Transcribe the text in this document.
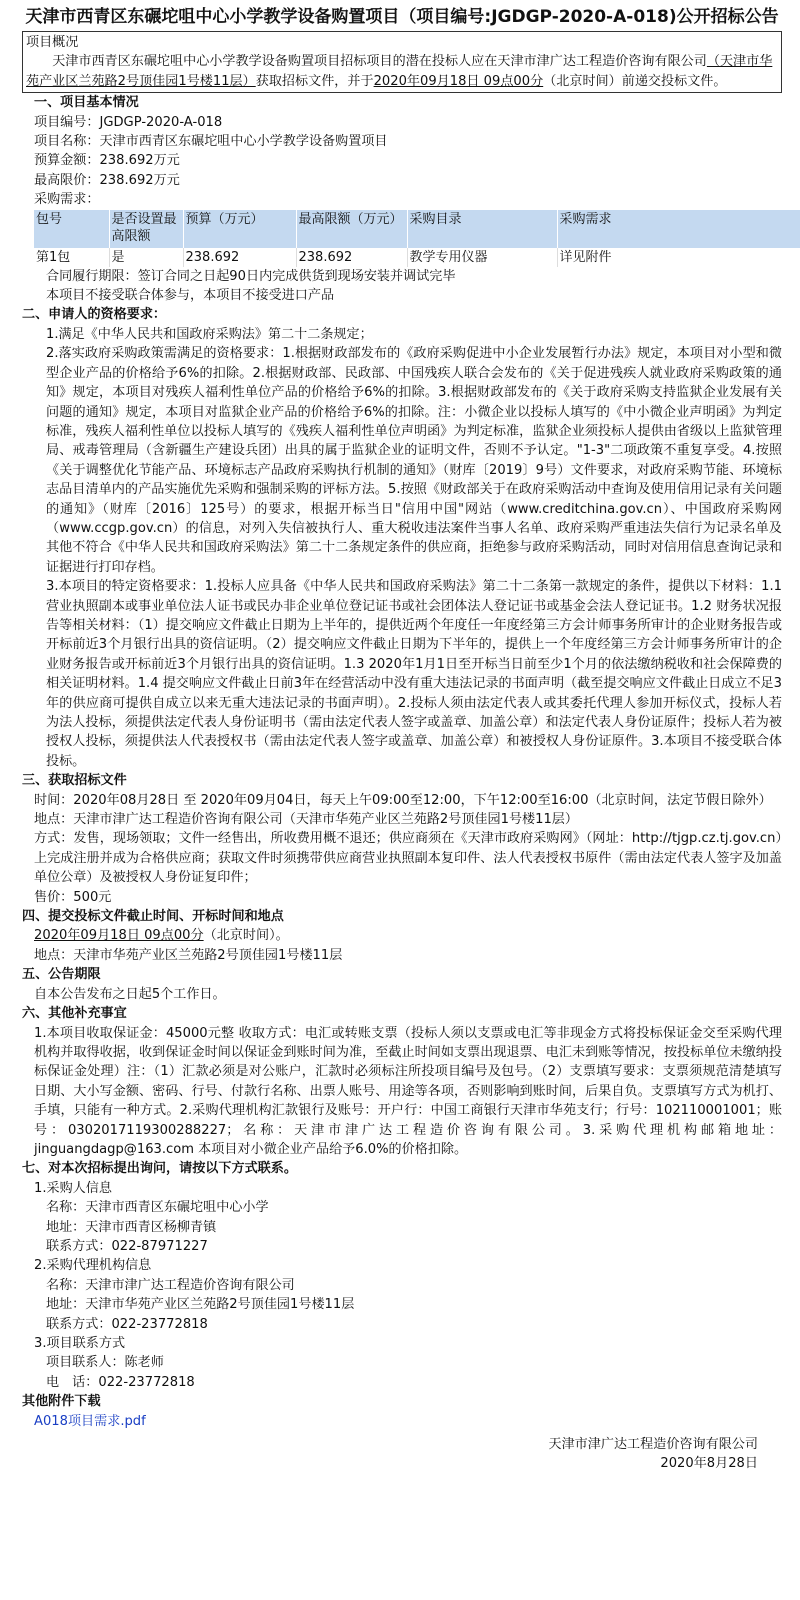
天津市西青区东碾坨咀中心小学教学设备购置项目（项目编号:JGDGP-2020-A-018)公开招标公告
项目概况
天津市西青区东碾坨咀中心小学教学设备购置项目招标项目的潜在投标人应在天津市津广达工程造价咨询有限公司（天津市华苑产业区兰苑路2号顶佳园1号楼11层）获取招标文件，并于2020年09月18日 09点00分（北京时间）前递交投标文件。
一、项目基本情况
项目编号：JGDGP-2020-A-018
项目名称：天津市西青区东碾坨咀中心小学教学设备购置项目
预算金额：238.692万元
最高限价：238.692万元
采购需求：
包号	是否设置最高限额	预算（万元）	最高限额（万元）	采购目录	采购需求
第1包	是	238.692	238.692	教学专用仪器	详见附件
合同履行期限：签订合同之日起90日内完成供货到现场安装并调试完毕
本项目不接受联合体参与，本项目不接受进口产品
二、申请人的资格要求：
1.满足《中华人民共和国政府采购法》第二十二条规定；
2.落实政府采购政策需满足的资格要求：1.根据财政部发布的《政府采购促进中小企业发展暂行办法》规定，本项目对小型和微型企业产品的价格给予6%的扣除。2.根据财政部、民政部、中国残疾人联合会发布的《关于促进残疾人就业政府采购政策的通知》规定，本项目对残疾人福利性单位产品的价格给予6%的扣除。3.根据财政部发布的《关于政府采购支持监狱企业发展有关问题的通知》规定，本项目对监狱企业产品的价格给予6%的扣除。注：小微企业以投标人填写的《中小微企业声明函》为判定标准，残疾人福利性单位以投标人填写的《残疾人福利性单位声明函》为判定标准，监狱企业须投标人提供由省级以上监狱管理局、戒毒管理局（含新疆生产建设兵团）出具的属于监狱企业的证明文件，否则不予认定。"1-3"二项政策不重复享受。4.按照《关于调整优化节能产品、环境标志产品政府采购执行机制的通知》（财库〔2019〕9号）文件要求，对政府采购节能、环境标志品目清单内的产品实施优先采购和强制采购的评标方法。5.按照《财政部关于在政府采购活动中查询及使用信用记录有关问题的通知》（财库〔2016〕125号）的要求，根据开标当日"信用中国"网站（www.creditchina.gov.cn）、中国政府采购网（www.ccgp.gov.cn）的信息，对列入失信被执行人、重大税收违法案件当事人名单、政府采购严重违法失信行为记录名单及其他不符合《中华人民共和国政府采购法》第二十二条规定条件的供应商，拒绝参与政府采购活动，同时对信用信息查询记录和证据进行打印存档。
3.本项目的特定资格要求：1.投标人应具备《中华人民共和国政府采购法》第二十二条第一款规定的条件，提供以下材料：1.1营业执照副本或事业单位法人证书或民办非企业单位登记证书或社会团体法人登记证书或基金会法人登记证书。1.2 财务状况报告等相关材料：（1）提交响应文件截止日期为上半年的，提供近两个年度任一年度经第三方会计师事务所审计的企业财务报告或开标前近3个月银行出具的资信证明。（2）提交响应文件截止日期为下半年的，提供上一个年度经第三方会计师事务所审计的企业财务报告或开标前近3个月银行出具的资信证明。1.3 2020年1月1日至开标当日前至少1个月的依法缴纳税收和社会保障费的相关证明材料。1.4 提交响应文件截止日前3年在经营活动中没有重大违法记录的书面声明（截至提交响应文件截止日成立不足3年的供应商可提供自成立以来无重大违法记录的书面声明）。2.投标人须由法定代表人或其委托代理人参加开标仪式，投标人若为法人投标，须提供法定代表人身份证明书（需由法定代表人签字或盖章、加盖公章）和法定代表人身份证原件；投标人若为被授权人投标，须提供法人代表授权书（需由法定代表人签字或盖章、加盖公章）和被授权人身份证原件。3.本项目不接受联合体投标。
三、获取招标文件
时间：2020年08月28日 至 2020年09月04日，每天上午09:00至12:00，下午12:00至16:00（北京时间，法定节假日除外）
地点：天津市津广达工程造价咨询有限公司（天津市华苑产业区兰苑路2号顶佳园1号楼11层）
方式：发售，现场领取；文件一经售出，所收费用概不退还；供应商须在《天津市政府采购网》（网址：http://tjgp.cz.tj.gov.cn）上完成注册并成为合格供应商；获取文件时须携带供应商营业执照副本复印件、法人代表授权书原件（需由法定代表人签字及加盖单位公章）及被授权人身份证复印件；
售价：500元
四、提交投标文件截止时间、开标时间和地点
2020年09月18日 09点00分（北京时间）。
地点：天津市华苑产业区兰苑路2号顶佳园1号楼11层
五、公告期限
自本公告发布之日起5个工作日。
六、其他补充事宜
1.本项目收取保证金：45000元整 收取方式：电汇或转账支票（投标人须以支票或电汇等非现金方式将投标保证金交至采购代理机构并取得收据，收到保证金时间以保证金到账时间为准，至截止时间如支票出现退票、电汇未到账等情况，按投标单位未缴纳投标保证金处理）注：（1）汇款必须是对公账户，汇款时必须标注所投项目编号及包号。（2）支票填写要求：支票须规范清楚填写日期、大小写金额、密码、行号、付款行名称、出票人账号、用途等各项，否则影响到账时间，后果自负。支票填写方式为机打、手填，只能有一种方式。2.采购代理机构汇款银行及账号：开户行：中国工商银行天津市华苑支行；行号：102110001001；账号：0302017119300288227；名称：天津市津广达工程造价咨询有限公司。3.采购代理机构邮箱地址：jinguangdagp@163.com 本项目对小微企业产品给予6.0%的价格扣除。
七、对本次招标提出询问，请按以下方式联系。
1.采购人信息
名称：天津市西青区东碾坨咀中心小学
地址：天津市西青区杨柳青镇
联系方式：022-87971227
2.采购代理机构信息
名称：天津市津广达工程造价咨询有限公司
地址：天津市华苑产业区兰苑路2号顶佳园1号楼11层
联系方式：022-23772818
3.项目联系方式
项目联系人：陈老师
电　话：022-23772818
其他附件下载
A018项目需求.pdf
天津市津广达工程造价咨询有限公司
2020年8月28日
